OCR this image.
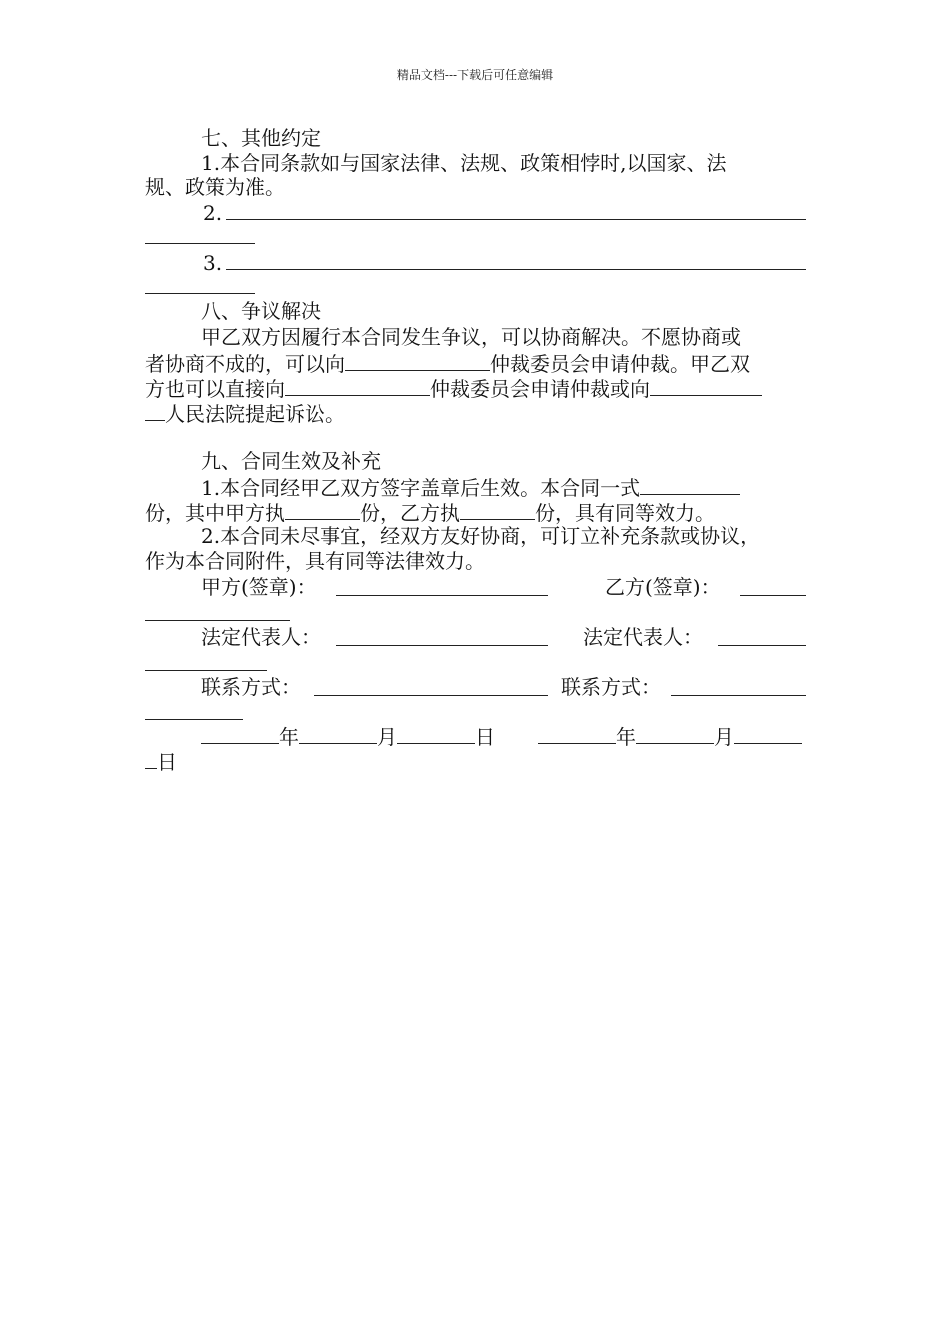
精品文档---下载后可任意编辑
七、其他约定
1.本合同条款如与国家法律、法规、政策相悖时,以国家、法
规、政策为准。
2.
3.
八、争议解决
甲乙双方因履行本合同发生争议，可以协商解决。不愿协商或
者协商不成的，可以向	仲裁委员会申请仲裁。甲乙双
方也可以直接向	仲裁委员会申请仲裁或向
人民法院提起诉讼。
九、合同生效及补充
1.本合同经甲乙双方签字盖章后生效。本合同一式
份，其中甲方执	份，乙方执	份，具有同等效力。
2.本合同未尽事宜，经双方友好协商，可订立补充条款或协议，
作为本合同附件，具有同等法律效力。
甲方(签章)：	乙方(签章)：
法定代表人：	法定代表人：
联系方式：	联系方式：
年	月	日	年	月
日
